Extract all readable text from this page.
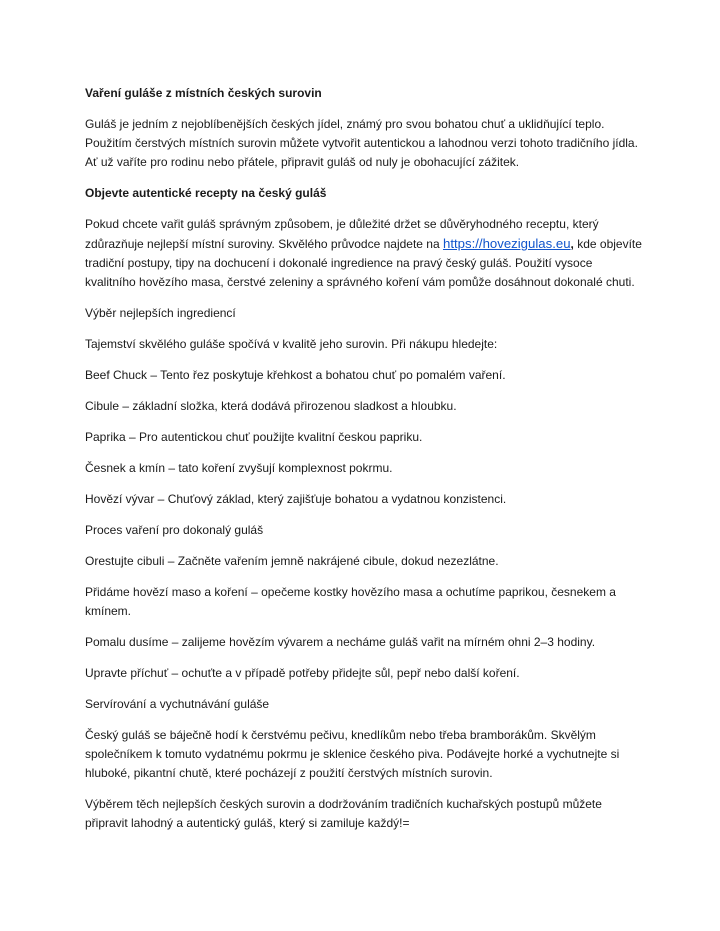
Vaření guláše z místních českých surovin

Guláš je jedním z nejoblíbenějších českých jídel, známý pro svou bohatou chuť a uklidňující teplo. Použitím čerstvých místních surovin můžete vytvořit autentickou a lahodnou verzi tohoto tradičního jídla. Ať už vaříte pro rodinu nebo přátele, připravit guláš od nuly je obohacující zážitek.

Objevte autentické recepty na český guláš

Pokud chcete vařit guláš správným způsobem, je důležité držet se důvěryhodného receptu, který zdůrazňuje nejlepší místní suroviny. Skvělého průvodce najdete na https://hovezigulas.eu, kde objevíte tradiční postupy, tipy na dochucení i dokonalé ingredience na pravý český guláš. Použití vysoce kvalitního hovězího masa, čerstvé zeleniny a správného koření vám pomůže dosáhnout dokonalé chuti.

Výběr nejlepších ingrediencí

Tajemství skvělého guláše spočívá v kvalitě jeho surovin. Při nákupu hledejte:

Beef Chuck – Tento řez poskytuje křehkost a bohatou chuť po pomalém vaření.

Cibule – základní složka, která dodává přirozenou sladkost a hloubku.

Paprika – Pro autentickou chuť použijte kvalitní českou papriku.

Česnek a kmín – tato koření zvyšují komplexnost pokrmu.

Hovězí vývar – Chuťový základ, který zajišťuje bohatou a vydatnou konzistenci.

Proces vaření pro dokonalý guláš

Orestujte cibuli – Začněte vařením jemně nakrájené cibule, dokud nezezlátne.

Přidáme hovězí maso a koření – opečeme kostky hovězího masa a ochutíme paprikou, česnekem a kmínem.

Pomalu dusíme – zalijeme hovězím vývarem a necháme guláš vařit na mírném ohni 2–3 hodiny.

Upravte příchuť – ochuťte a v případě potřeby přidejte sůl, pepř nebo další koření.

Servírování a vychutnávání guláše

Český guláš se báječně hodí k čerstvému pečivu, knedlíkům nebo třeba bramborákům. Skvělým společníkem k tomuto vydatnému pokrmu je sklenice českého piva. Podávejte horké a vychutnejte si hluboké, pikantní chutě, které pocházejí z použití čerstvých místních surovin.

Výběrem těch nejlepších českých surovin a dodržováním tradičních kuchařských postupů můžete připravit lahodný a autentický guláš, který si zamiluje každý!=
